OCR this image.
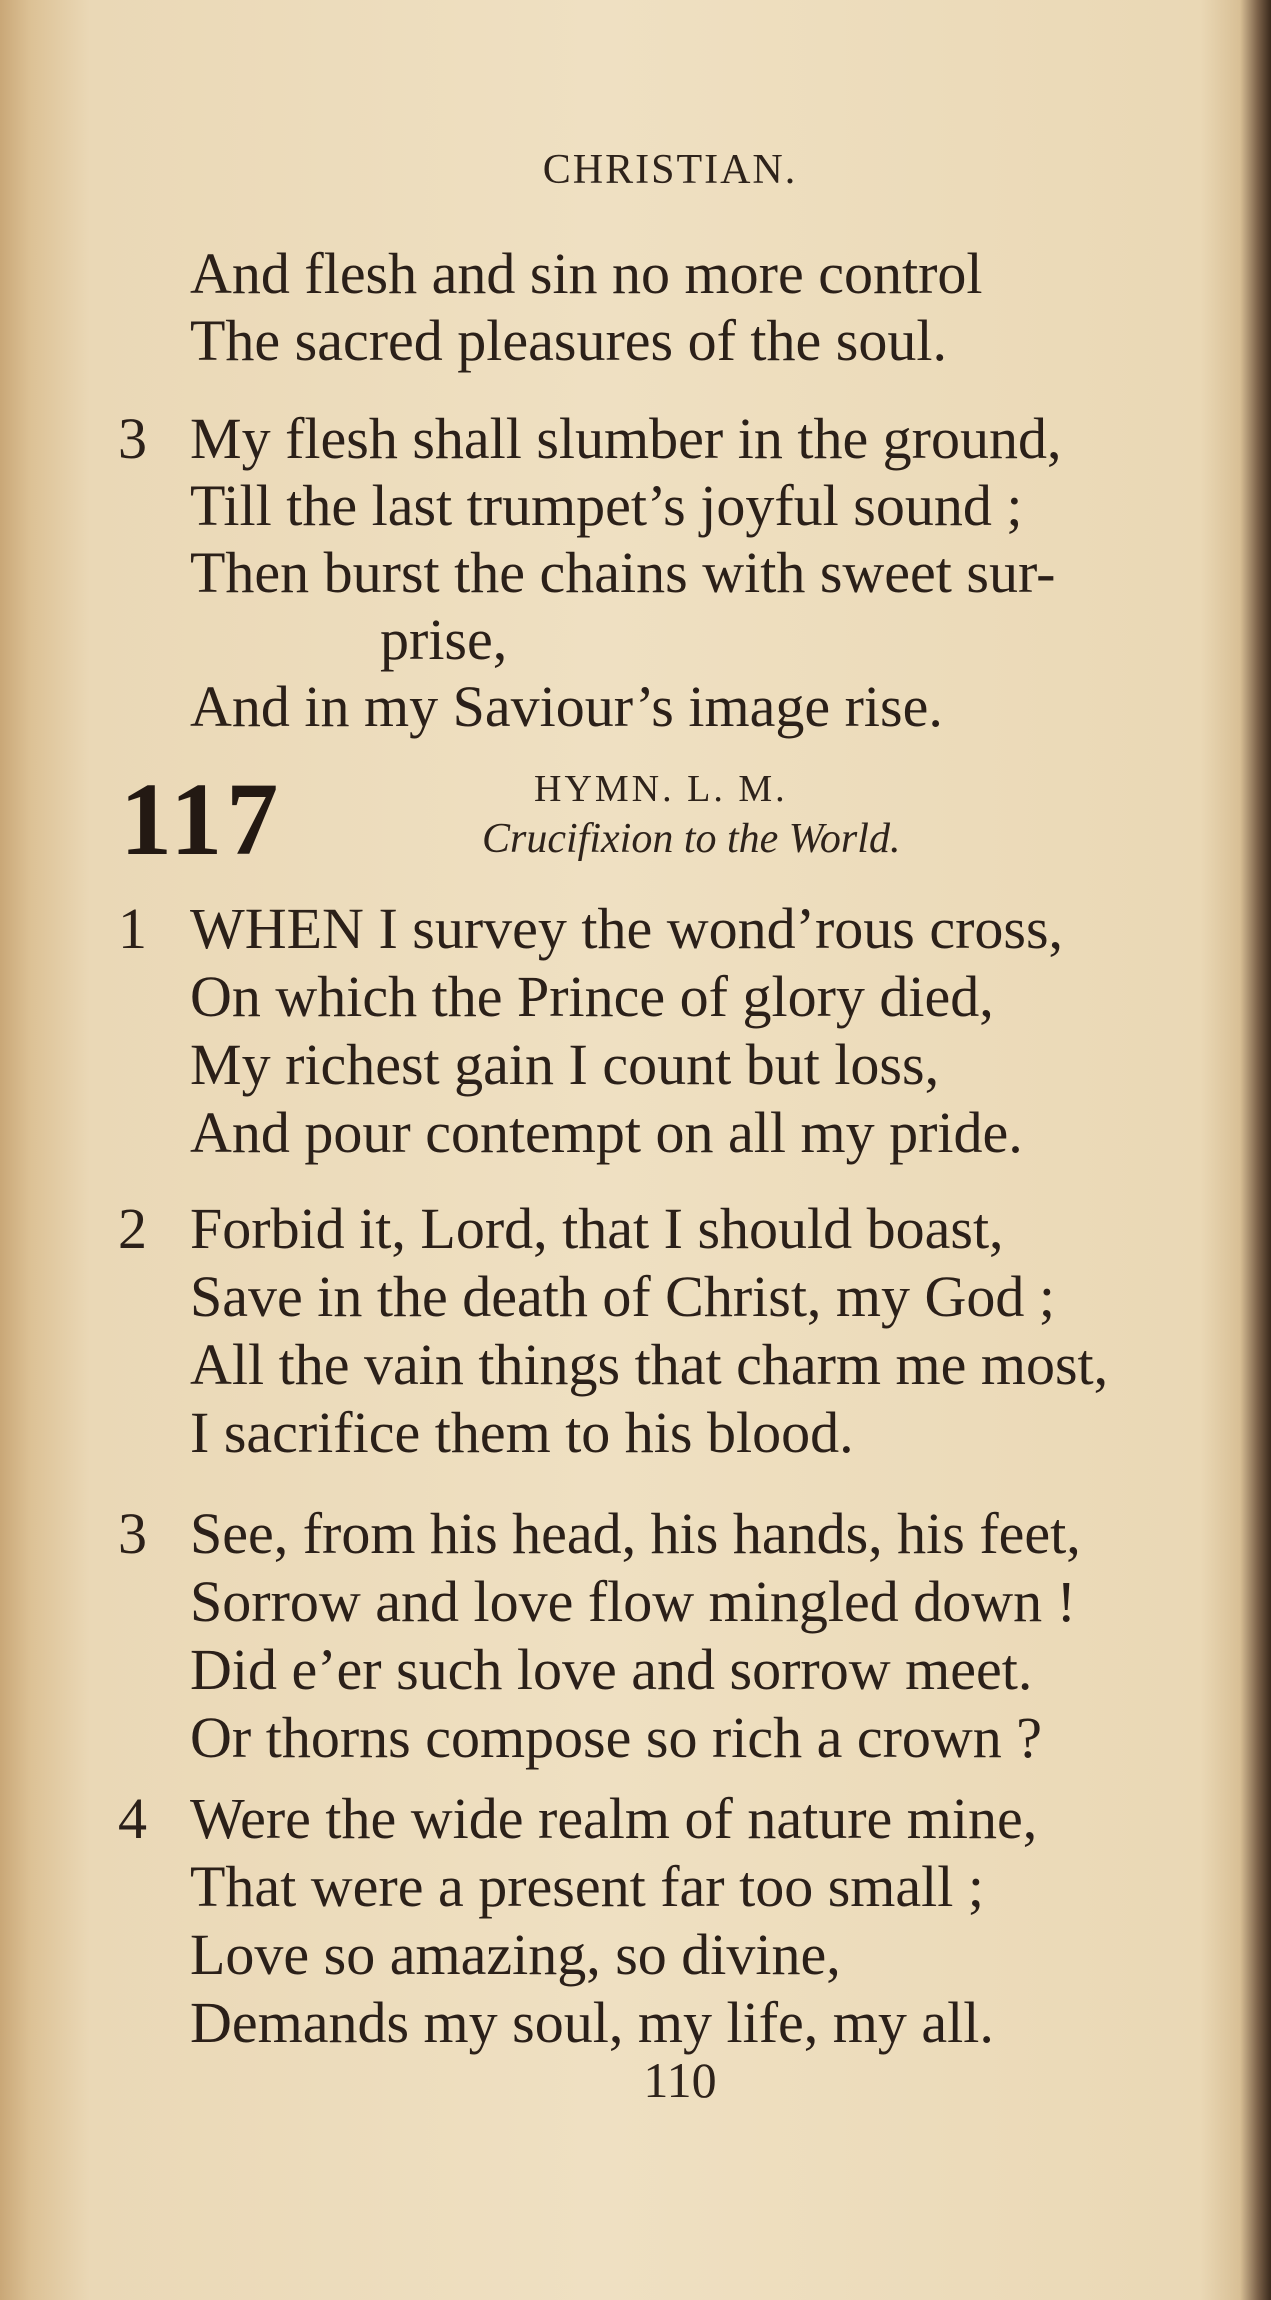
CHRISTIAN.
And flesh and sin no more control
The sacred pleasures of the soul.
3 My flesh shall slumber in the ground,
Till the last trumpet’s joyful sound ;
Then burst the chains with sweet sur-
prise,
And in my Saviour’s image rise.
117	HYMN. L. M.
Crucifixion to the World.
1 WHEN I survey the wond’rous cross,
On which the Prince of glory died,
My richest gain I count but loss,
And pour contempt on all my pride.
2 Forbid it, Lord, that I should boast,
Save in the death of Christ, my God ;
All the vain things that charm me most,
I sacrifice them to his blood.
3 See, from his head, his hands, his feet,
Sorrow and love flow mingled down !
Did e’er such love and sorrow meet.
Or thorns compose so rich a crown ?
4 Were the wide realm of nature mine,
That were a present far too small ;
Love so amazing, so divine,
Demands my soul, my life, my all.
110
